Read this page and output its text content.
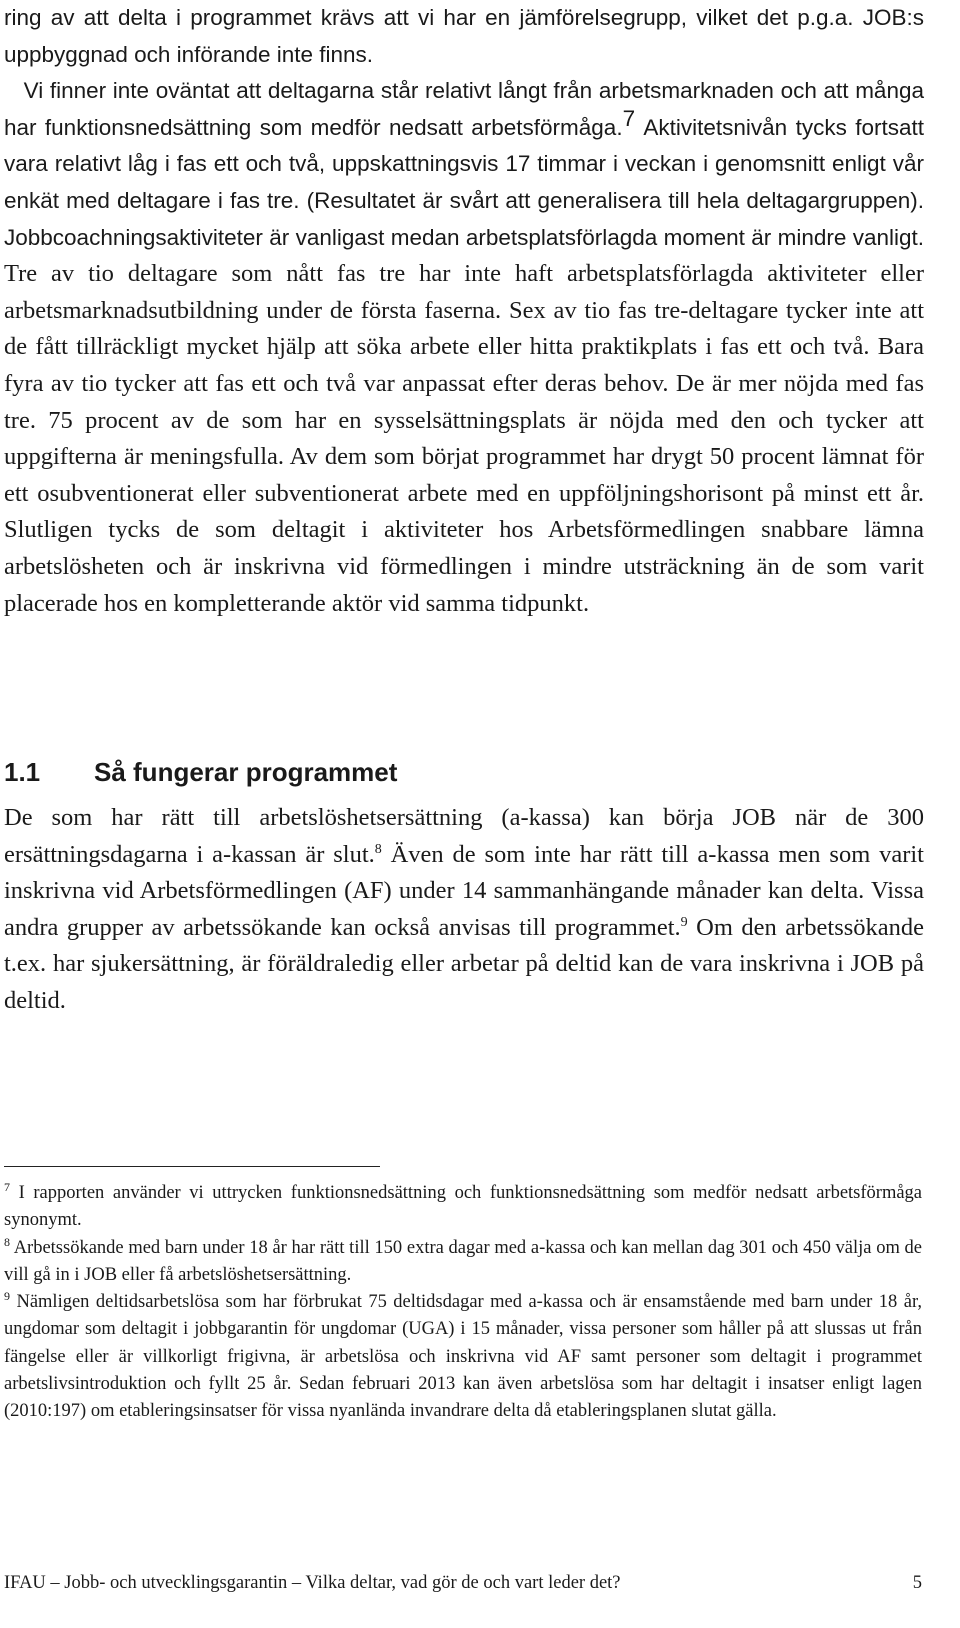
ring av att delta i programmet krävs att vi har en jämförelsegrupp, vilket det p.g.a. JOB:s uppbyggnad och införande inte finns.
Vi finner inte oväntat att deltagarna står relativt långt från arbetsmarknaden och att många har funktionsnedsättning som medför nedsatt arbetsförmåga.$^7$ Aktivitetsnivån tycks fortsatt vara relativt låg i fas ett och två, uppskattningsvis 17 timmar i veckan i genomsnitt enligt vår enkät med deltagare i fas tre. (Resultatet är svårt att generalisera till hela deltagargruppen). Jobbcoachningsaktiviteter är vanligast medan arbetsplatsförlagda moment är mindre vanligt. Tre av tio deltagare som nått fas tre har inte haft arbetsplatsförlagda aktiviteter eller arbetsmarknadsutbildning under de första faserna. Sex av tio fas tre-deltagare tycker inte att de fått tillräckligt mycket hjälp att söka arbete eller hitta praktikplats i fas ett och två. Bara fyra av tio tycker att fas ett och två var anpassat efter deras behov. De är mer nöjda med fas tre. 75 procent av de som har en sysselsättningsplats är nöjda med den och tycker att uppgifterna är meningsfulla. Av dem som börjat programmet har drygt 50 procent lämnat för ett osubventionerat eller subventionerat arbete med en uppföljningshorisont på minst ett år. Slutligen tycks de som deltagit i aktiviteter hos Arbetsförmedlingen snabbare lämna arbetslösheten och är inskrivna vid förmedlingen i mindre utsträckning än de som varit placerade hos en kompletterande aktör vid samma tidpunkt.

1.1 Så fungerar programmet

De som har rätt till arbetslöshetsersättning (a-kassa) kan börja JOB när de 300 ersättningsdagarna i a-kassan är slut.$^8$ Även de som inte har rätt till a-kassa men som varit inskrivna vid Arbetsförmedlingen (AF) under 14 sammanhängande månader kan delta. Vissa andra grupper av arbetssökande kan också anvisas till programmet.$^9$ Om den arbetssökande t.ex. har sjukersättning, är föräldraledig eller arbetar på deltid kan de vara inskrivna i JOB på deltid.

$^7$ I rapporten använder vi uttrycken funktionsnedsättning och funktionsnedsättning som medför nedsatt arbetsförmåga synonymt.

$^8$ Arbetssökande med barn under 18 år har rätt till 150 extra dagar med a-kassa och kan mellan dag 301 och 450 välja om de vill gå in i JOB eller få arbetslöshetsersättning.

$^9$ Nämligen deltidsarbetslösa som har förbrukat 75 deltidsdagar med a-kassa och är ensamstående med barn under 18 år, ungdomar som deltagit i jobbgarantin för ungdomar (UGA) i 15 månader, vissa personer som håller på att slussas ut från fängelse eller är villkorligt frigivna, är arbetslösa och inskrivna vid AF samt personer som deltagit i programmet arbetslivsintroduktion och fyllt 25 år. Sedan februari 2013 kan även arbetslösa som har deltagit i insatser enligt lagen (2010:197) om etableringsinsatser för vissa nyanlända invandrare delta då etableringsplanen slutat gälla.

IFAU – Jobb- och utvecklingsgarantin – Vilka deltar, vad gör de och vart leder det?	5
